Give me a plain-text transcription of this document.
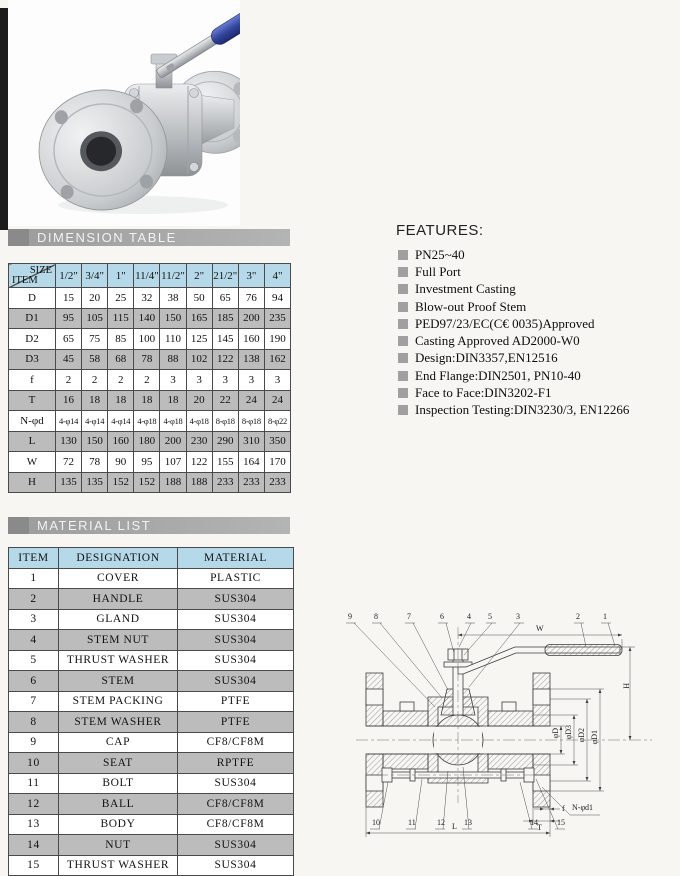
DIMENSION TABLE	FEATURES:
PN25~40
Full Port
Investment Casting
Blow-out Proof Stem
PED97/23/EC(C€ 0035)Approved
Casting Approved AD2000-W0
Design:DIN3357,EN12516
End Flange:DIN2501, PN10-40
Face to Face:DIN3202-F1
Inspection Testing:DIN3230/3, EN12266
SIZE
ITEM	1/2"	3/4"	1"	11/4"	11/2"	2"	21/2"	3"	4"
D	15	20	25	32	38	50	65	76	94
D1	95	105	115	140	150	165	185	200	235
D2	65	75	85	100	110	125	145	160	190
D3	45	58	68	78	88	102	122	138	162
f	2	2	2	2	3	3	3	3	3
T	16	18	18	18	18	20	22	24	24
N-φd	4-φ14	4-φ14	4-φ14	4-φ18	4-φ18	4-φ18	8-φ18	8-φ18	8-φ22
L	130	150	160	180	200	230	290	310	350
W	72	78	90	95	107	122	155	164	170
H	135	135	152	152	188	188	233	233	233
MATERIAL LIST
ITEM	DESIGNATION	MATERIAL
1	COVER	PLASTIC
2	HANDLE	SUS304
3	GLAND	SUS304
4	STEM NUT	SUS304
5	THRUST WASHER	SUS304
6	STEM	SUS304
7	STEM PACKING	PTFE
8	STEM WASHER	PTFE
9	CAP	CF8/CF8M
10	SEAT	RPTFE
11	BOLT	SUS304
12	BALL	CF8/CF8M
13	BODY	CF8/CF8M
14	NUT	SUS304
15	THRUST WASHER	SUS304
9	8	7	6	4 5	3	2	1
10	11	12 13	14 15
W
H
L	T
f N-φd1
φD φD3 φD2 φD1
